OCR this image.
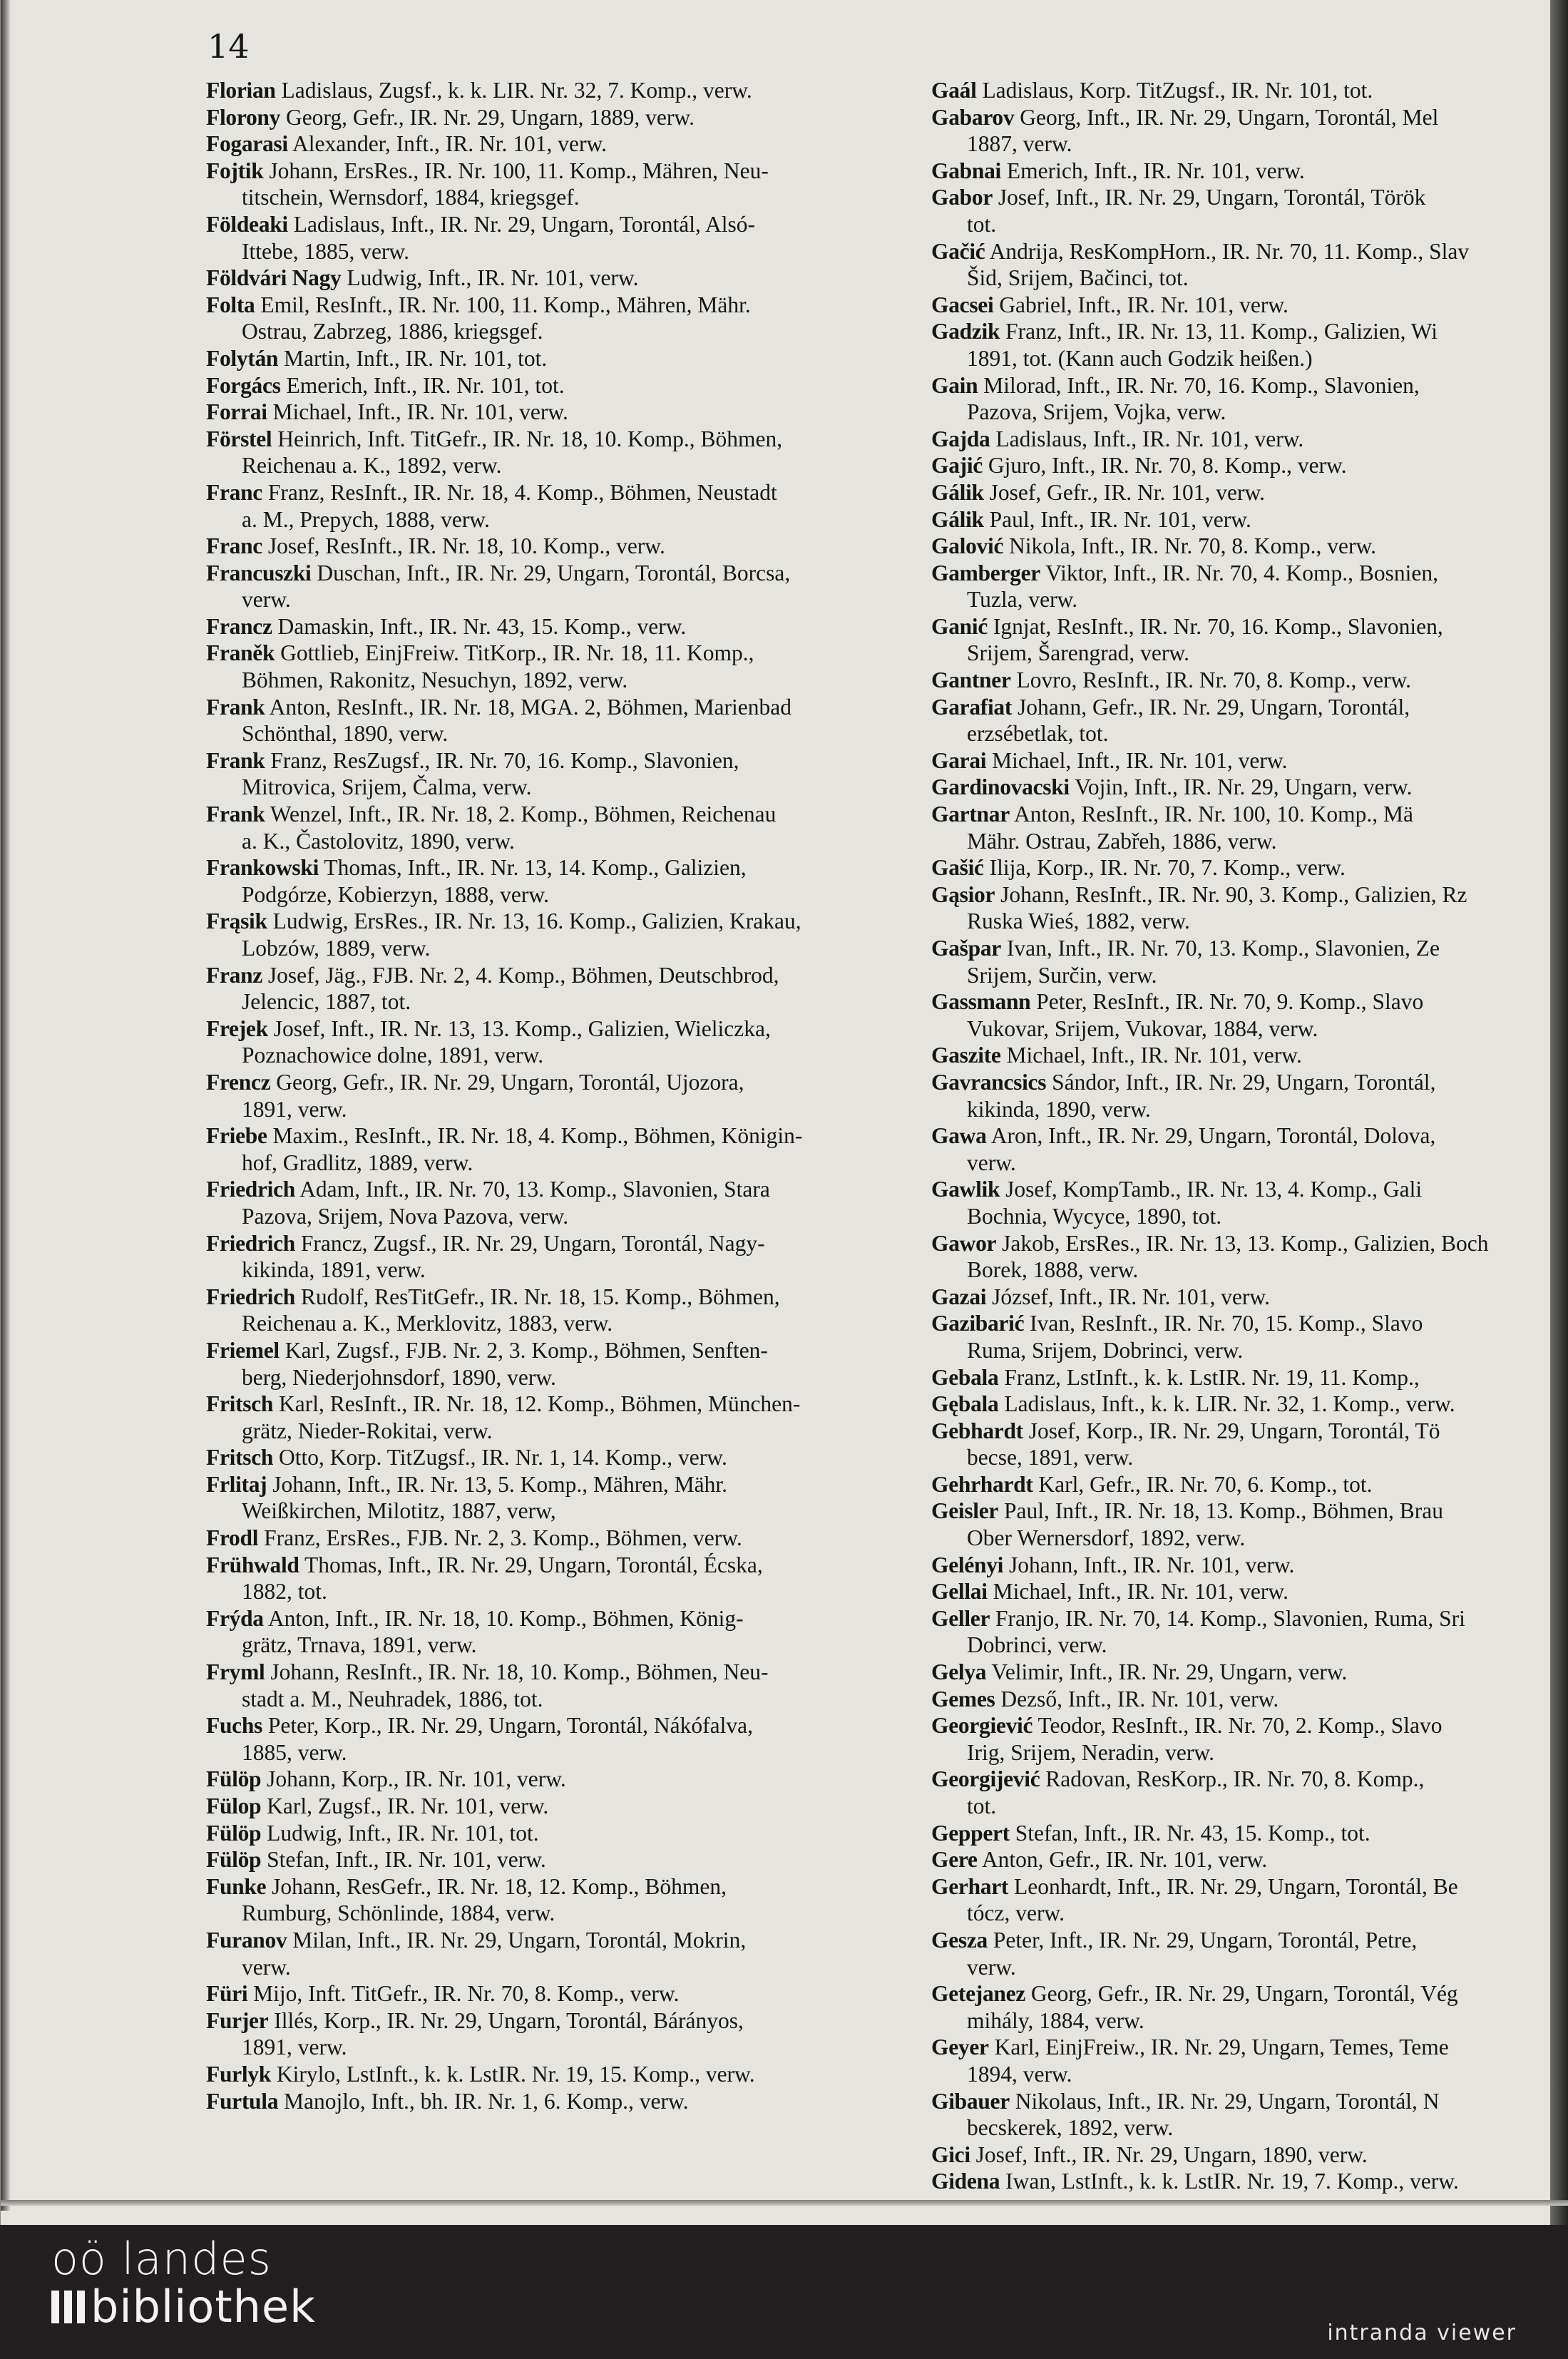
14

Florian Ladislaus, Zugsf., k. k. LIR. Nr. 32, 7. Komp., verw.

Florony Georg, Gefr., IR. Nr. 29, Ungarn, 1889, verw.

Fogarasi Alexander, Inft., IR. Nr. 101, verw.

Fojtik Johann, ErsRes., IR. Nr. 100, 11. Komp., Mähren, Neu-
titschein, Wernsdorf, 1884, kriegsgef.

Földeaki Ladislaus, Inft., IR. Nr. 29, Ungarn, Torontál, Alsó-
Ittebe, 1885, verw.

Földvári Nagy Ludwig, Inft., IR. Nr. 101, verw.

Folta Emil, ResInft., IR. Nr. 100, 11. Komp., Mähren, Mähr.
Ostrau, Zabrzeg, 1886, kriegsgef.

Folytán Martin, Inft., IR. Nr. 101, tot.

Forgács Emerich, Inft., IR. Nr. 101, tot.

Forrai Michael, Inft., IR. Nr. 101, verw.

Förstel Heinrich, Inft. TitGefr., IR. Nr. 18, 10. Komp., Böhmen,
Reichenau a. K., 1892, verw.

Franc Franz, ResInft., IR. Nr. 18, 4. Komp., Böhmen, Neustadt
a. M., Prepych, 1888, verw.

Franc Josef, ResInft., IR. Nr. 18, 10. Komp., verw.

Francuszki Duschan, Inft., IR. Nr. 29, Ungarn, Torontál, Borcsa,
verw.

Francz Damaskin, Inft., IR. Nr. 43, 15. Komp., verw.

Franěk Gottlieb, EinjFreiw. TitKorp., IR. Nr. 18, 11. Komp.,
Böhmen, Rakonitz, Nesuchyn, 1892, verw.

Frank Anton, ResInft., IR. Nr. 18, MGA. 2, Böhmen, Marienbad
Schönthal, 1890, verw.

Frank Franz, ResZugsf., IR. Nr. 70, 16. Komp., Slavonien,
Mitrovica, Srijem, Čalma, verw.

Frank Wenzel, Inft., IR. Nr. 18, 2. Komp., Böhmen, Reichenau
a. K., Častolovitz, 1890, verw.

Frankowski Thomas, Inft., IR. Nr. 13, 14. Komp., Galizien,
Podgórze, Kobierzyn, 1888, verw.

Frąsik Ludwig, ErsRes., IR. Nr. 13, 16. Komp., Galizien, Krakau,
Lobzów, 1889, verw.

Franz Josef, Jäg., FJB. Nr. 2, 4. Komp., Böhmen, Deutschbrod,
Jelencic, 1887, tot.

Frejek Josef, Inft., IR. Nr. 13, 13. Komp., Galizien, Wieliczka,
Poznachowice dolne, 1891, verw.

Frencz Georg, Gefr., IR. Nr. 29, Ungarn, Torontál, Ujozora,
1891, verw.

Friebe Maxim., ResInft., IR. Nr. 18, 4. Komp., Böhmen, Königin-
hof, Gradlitz, 1889, verw.

Friedrich Adam, Inft., IR. Nr. 70, 13. Komp., Slavonien, Stara
Pazova, Srijem, Nova Pazova, verw.

Friedrich Francz, Zugsf., IR. Nr. 29, Ungarn, Torontál, Nagy-
kikinda, 1891, verw.

Friedrich Rudolf, ResTitGefr., IR. Nr. 18, 15. Komp., Böhmen,
Reichenau a. K., Merklovitz, 1883, verw.

Friemel Karl, Zugsf., FJB. Nr. 2, 3. Komp., Böhmen, Senften-
berg, Niederjohnsdorf, 1890, verw.

Fritsch Karl, ResInft., IR. Nr. 18, 12. Komp., Böhmen, München-
grätz, Nieder-Rokitai, verw.

Fritsch Otto, Korp. TitZugsf., IR. Nr. 1, 14. Komp., verw.

Frlitaj Johann, Inft., IR. Nr. 13, 5. Komp., Mähren, Mähr.
Weißkirchen, Milotitz, 1887, verw,

Frodl Franz, ErsRes., FJB. Nr. 2, 3. Komp., Böhmen, verw.

Frühwald Thomas, Inft., IR. Nr. 29, Ungarn, Torontál, Écska,
1882, tot.

Frýda Anton, Inft., IR. Nr. 18, 10. Komp., Böhmen, König-
grätz, Trnava, 1891, verw.

Fryml Johann, ResInft., IR. Nr. 18, 10. Komp., Böhmen, Neu-
stadt a. M., Neuhradek, 1886, tot.

Fuchs Peter, Korp., IR. Nr. 29, Ungarn, Torontál, Nákófalva,
1885, verw.

Fülöp Johann, Korp., IR. Nr. 101, verw.

Fülop Karl, Zugsf., IR. Nr. 101, verw.

Fülöp Ludwig, Inft., IR. Nr. 101, tot.

Fülöp Stefan, Inft., IR. Nr. 101, verw.

Funke Johann, ResGefr., IR. Nr. 18, 12. Komp., Böhmen,
Rumburg, Schönlinde, 1884, verw.

Furanov Milan, Inft., IR. Nr. 29, Ungarn, Torontál, Mokrin,
verw.

Füri Mijo, Inft. TitGefr., IR. Nr. 70, 8. Komp., verw.

Furjer Illés, Korp., IR. Nr. 29, Ungarn, Torontál, Bárányos,
1891, verw.

Furlyk Kirylo, LstInft., k. k. LstIR. Nr. 19, 15. Komp., verw.

Furtula Manojlo, Inft., bh. IR. Nr. 1, 6. Komp., verw.

Gaál Ladislaus, Korp. TitZugsf., IR. Nr. 101, tot.

Gabarov Georg, Inft., IR. Nr. 29, Ungarn, Torontál, Mel
1887, verw.

Gabnai Emerich, Inft., IR. Nr. 101, verw.

Gabor Josef, Inft., IR. Nr. 29, Ungarn, Torontál, Török
tot.

Gačić Andrija, ResKompHorn., IR. Nr. 70, 11. Komp., Slav
Šid, Srijem, Bačinci, tot.

Gacsei Gabriel, Inft., IR. Nr. 101, verw.

Gadzik Franz, Inft., IR. Nr. 13, 11. Komp., Galizien, Wi
1891, tot. (Kann auch Godzik heißen.)

Gain Milorad, Inft., IR. Nr. 70, 16. Komp., Slavonien,
Pazova, Srijem, Vojka, verw.

Gajda Ladislaus, Inft., IR. Nr. 101, verw.

Gajić Gjuro, Inft., IR. Nr. 70, 8. Komp., verw.

Gálik Josef, Gefr., IR. Nr. 101, verw.

Gálik Paul, Inft., IR. Nr. 101, verw.

Galović Nikola, Inft., IR. Nr. 70, 8. Komp., verw.

Gamberger Viktor, Inft., IR. Nr. 70, 4. Komp., Bosnien,
Tuzla, verw.

Ganić Ignjat, ResInft., IR. Nr. 70, 16. Komp., Slavonien,
Srijem, Šarengrad, verw.

Gantner Lovro, ResInft., IR. Nr. 70, 8. Komp., verw.

Garafiat Johann, Gefr., IR. Nr. 29, Ungarn, Torontál,
erzsébetlak, tot.

Garai Michael, Inft., IR. Nr. 101, verw.

Gardinovacski Vojin, Inft., IR. Nr. 29, Ungarn, verw.

Gartnar Anton, ResInft., IR. Nr. 100, 10. Komp., Mä
Mähr. Ostrau, Zabřeh, 1886, verw.

Gašić Ilija, Korp., IR. Nr. 70, 7. Komp., verw.

Gąsior Johann, ResInft., IR. Nr. 90, 3. Komp., Galizien, Rz
Ruska Wieś, 1882, verw.

Gašpar Ivan, Inft., IR. Nr. 70, 13. Komp., Slavonien, Ze
Srijem, Surčin, verw.

Gassmann Peter, ResInft., IR. Nr. 70, 9. Komp., Slavo
Vukovar, Srijem, Vukovar, 1884, verw.

Gaszite Michael, Inft., IR. Nr. 101, verw.

Gavrancsics Sándor, Inft., IR. Nr. 29, Ungarn, Torontál,
kikinda, 1890, verw.

Gawa Aron, Inft., IR. Nr. 29, Ungarn, Torontál, Dolova,
verw.

Gawlik Josef, KompTamb., IR. Nr. 13, 4. Komp., Gali
Bochnia, Wycyce, 1890, tot.

Gawor Jakob, ErsRes., IR. Nr. 13, 13. Komp., Galizien, Boch
Borek, 1888, verw.

Gazai József, Inft., IR. Nr. 101, verw.

Gazibarić Ivan, ResInft., IR. Nr. 70, 15. Komp., Slavo
Ruma, Srijem, Dobrinci, verw.

Gebala Franz, LstInft., k. k. LstIR. Nr. 19, 11. Komp.,

Gębala Ladislaus, Inft., k. k. LIR. Nr. 32, 1. Komp., verw.

Gebhardt Josef, Korp., IR. Nr. 29, Ungarn, Torontál, Tö
becse, 1891, verw.

Gehrhardt Karl, Gefr., IR. Nr. 70, 6. Komp., tot.

Geisler Paul, Inft., IR. Nr. 18, 13. Komp., Böhmen, Brau
Ober Wernersdorf, 1892, verw.

Gelényi Johann, Inft., IR. Nr. 101, verw.

Gellai Michael, Inft., IR. Nr. 101, verw.

Geller Franjo, IR. Nr. 70, 14. Komp., Slavonien, Ruma, Sri
Dobrinci, verw.

Gelya Velimir, Inft., IR. Nr. 29, Ungarn, verw.

Gemes Dezső, Inft., IR. Nr. 101, verw.

Georgiević Teodor, ResInft., IR. Nr. 70, 2. Komp., Slavo
Irig, Srijem, Neradin, verw.

Georgijević Radovan, ResKorp., IR. Nr. 70, 8. Komp.,
tot.

Geppert Stefan, Inft., IR. Nr. 43, 15. Komp., tot.

Gere Anton, Gefr., IR. Nr. 101, verw.

Gerhart Leonhardt, Inft., IR. Nr. 29, Ungarn, Torontál, Be
tócz, verw.

Gesza Peter, Inft., IR. Nr. 29, Ungarn, Torontál, Petre,
verw.

Getejanez Georg, Gefr., IR. Nr. 29, Ungarn, Torontál, Vég
mihály, 1884, verw.

Geyer Karl, EinjFreiw., IR. Nr. 29, Ungarn, Temes, Teme
1894, verw.

Gibauer Nikolaus, Inft., IR. Nr. 29, Ungarn, Torontál, N
becskerek, 1892, verw.

Gici Josef, Inft., IR. Nr. 29, Ungarn, 1890, verw.

Gidena Iwan, LstInft., k. k. LstIR. Nr. 19, 7. Komp., verw.

oö landes
bibliothek
intranda viewer
